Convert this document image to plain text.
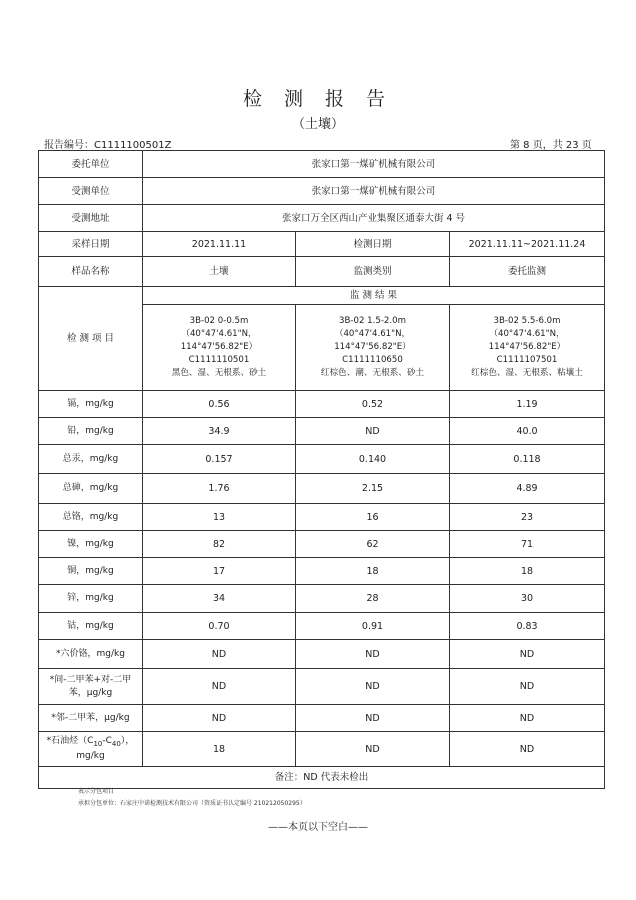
检 测 报 告
（土壤）
报告编号：C1111100501Z	第 8 页，共 23 页
委托单位	张家口第一煤矿机械有限公司		
受测单位	张家口第一煤矿机械有限公司		
受测地址	张家口万全区西山产业集聚区通泰大街 4 号		
采样日期	2021.11.11	检测日期	2021.11.11~2021.11.24
样品名称	土壤	监测类别	委托监测
检 测 项 目	监 测 结 果		

	3B-02 0-0.5m
（40°47'4.61"N，
114°47'56.82"E）
C1111110501
黑色、湿、无根系、砂土	3B-02 1.5-2.0m
（40°47'4.61"N，
114°47'56.82"E）
C1111110650
红棕色、潮、无根系、砂土	3B-02 5.5-6.0m
（40°47'4.61"N，
114°47'56.82"E）
C1111107501
红棕色、湿、无根系、粘壤土

镉，mg/kg	0.56	0.52	1.19
铅，mg/kg	34.9	ND	40.0
总汞，mg/kg	0.157	0.140	0.118
总砷，mg/kg	1.76	2.15	4.89
总铬，mg/kg	13	16	23
镍，mg/kg	82	62	71
铜，mg/kg	17	18	18
锌，mg/kg	34	28	30
钴，mg/kg	0.70	0.91	0.83
*六价铬，mg/kg	ND	ND	ND
*间-二甲苯+对-二甲苯，μg/kg	ND	ND	ND
*邻-二甲苯，μg/kg	ND	ND	ND
*石油烃$(C_{10}-C_{40})$，mg/kg	18	ND	ND
备注：ND 代表未检出			
表示分包项目
承担分包单位：石家庄中诺检测技术有限公司（资质证书认定编号 210212050295）
——本页以下空白——
